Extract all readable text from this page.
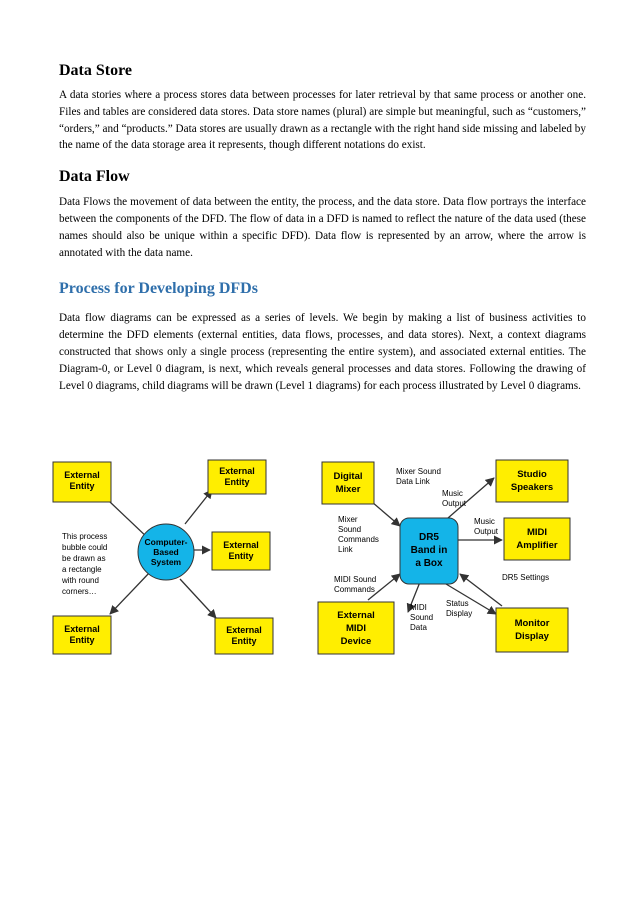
Data Store

A data stories where a process stores data between processes for later retrieval by that same process or another one. Files and tables are considered data stores. Data store names (plural) are simple but meaningful, such as “customers,” “orders,” and “products.” Data stores are usually drawn as a rectangle with the right hand side missing and labeled by the name of the data storage area it represents, though different notations do exist.

Data Flow

Data Flows the movement of data between the entity, the process, and the data store. Data flow portrays the interface between the components of the DFD. The flow of data in a DFD is named to reflect the nature of the data used (these names should also be unique within a specific DFD). Data flow is represented by an arrow, where the arrow is annotated with the data name.

Process for Developing DFDs

Data flow diagrams can be expressed as a series of levels. We begin by making a list of business activities to determine the DFD elements (external entities, data flows, processes, and data stores). Next, a context diagrams constructed that shows only a single process (representing the entire system), and associated external entities. The Diagram-0, or Level 0 diagram, is next, which reveals general processes and data stores. Following the drawing of Level 0 diagrams, child diagrams will be drawn (Level 1 diagrams) for each process illustrated by Level 0 diagrams.

External
Entity
External
Entity
External
Entity
External
Entity
External
Entity
Computer-
Based
System
This process
bubble could
be drawn as
a rectangle
with round
corners…
Digital
Mixer
Studio
Speakers
MIDI
Amplifier
External
MIDI
Device
Monitor
Display
DR5
Band in
a Box
Mixer Sound
Data Link
Music
Output
Music
Output
Mixer
Sound
Commands
Link
MIDI Sound
Commands
DR5 Settings
MIDI
Sound
Data
Status
Display
